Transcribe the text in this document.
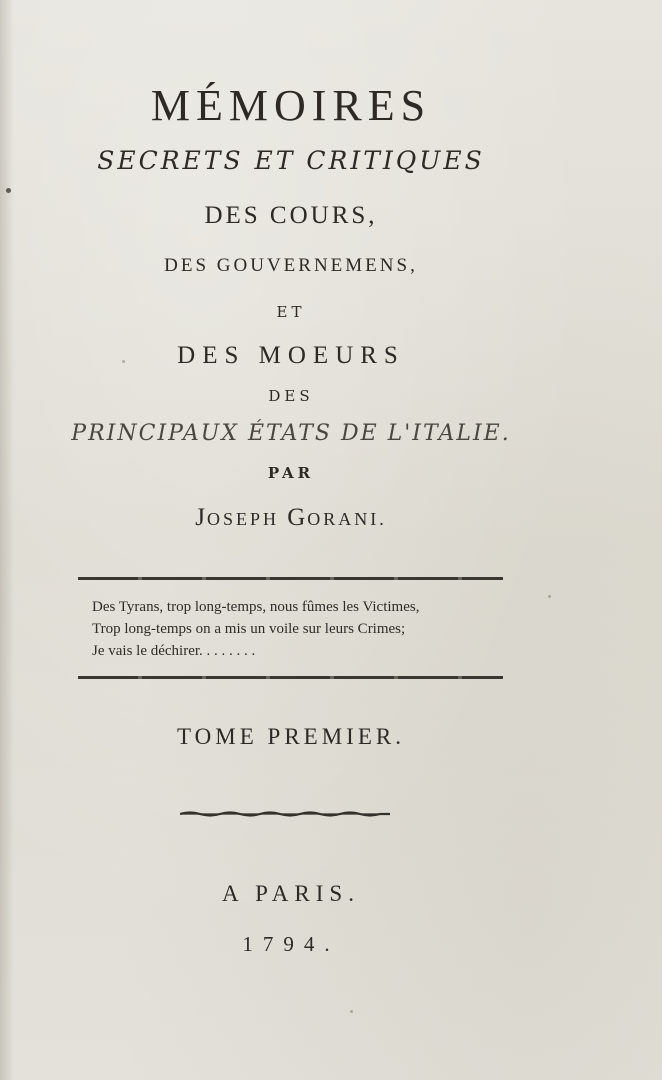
MÉMOIRES
SECRETS ET CRITIQUES
DES COURS,
DES GOUVERNEMENS,
ET
DES MOEURS
DES
PRINCIPAUX ÉTATS DE L'ITALIE.
PAR
JOSEPH GORANI.
Des Tyrans, trop long-temps, nous fûmes les Victimes,
Trop long-temps on a mis un voile sur leurs Crimes;
Je vais le déchirer. . . . . . . .
TOME PREMIER.
A PARIS.
1794.
